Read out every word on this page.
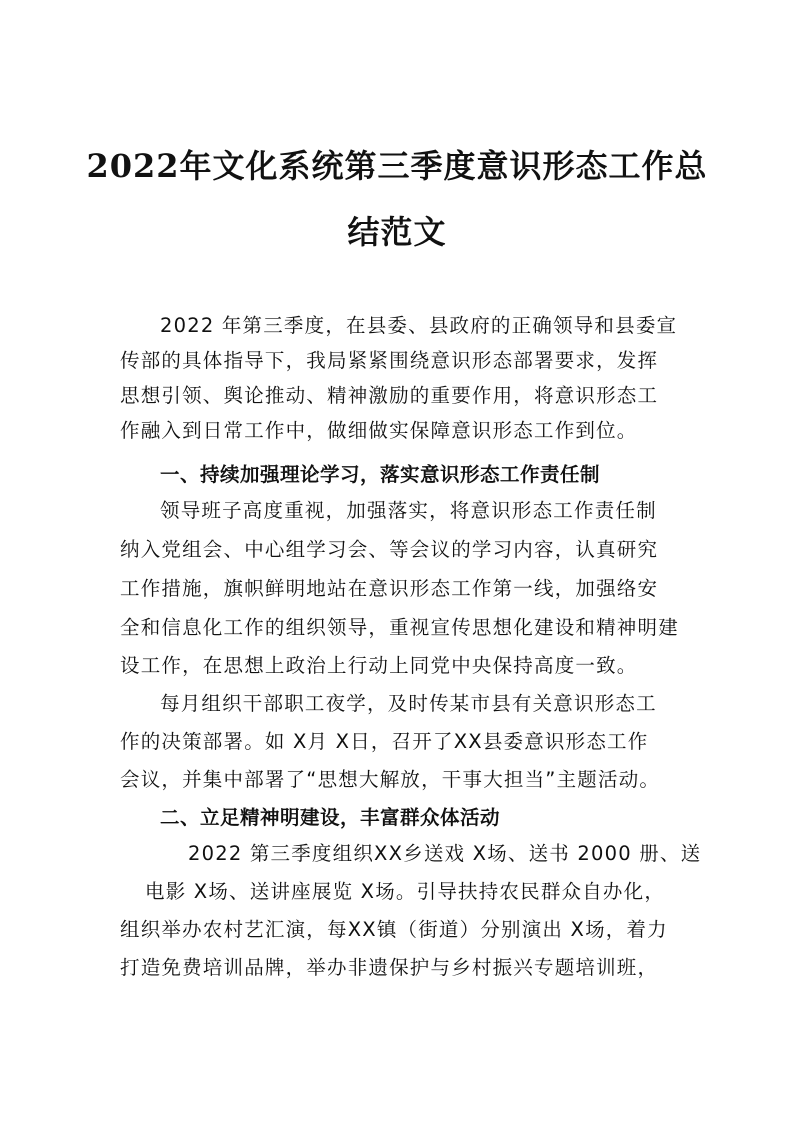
2022年文化系统第三季度意识形态工作总
结范文
2022 年第三季度，在县委、县政府的正确领导和县委宣
传部的具体指导下，我局紧紧围绕意识形态部署要求，发挥
思想引领、舆论推动、精神激励的重要作用，将意识形态工
作融入到日常工作中，做细做实保障意识形态工作到位。
一、持续加强理论学习，落实意识形态工作责任制
领导班子高度重视，加强落实，将意识形态工作责任制
纳入党组会、中心组学习会、等会议的学习内容，认真研究
工作措施，旗帜鲜明地站在意识形态工作第一线，加强络安
全和信息化工作的组织领导，重视宣传思想化建设和精神明建
设工作，在思想上政治上行动上同党中央保持高度一致。
每月组织干部职工夜学，及时传某市县有关意识形态工
作的决策部署。如 X月 X日，召开了XX县委意识形态工作
会议，并集中部署了“思想大解放，干事大担当”主题活动。
二、立足精神明建设，丰富群众体活动
2022 第三季度组织XX乡送戏 X场、送书 2000 册、送
电影 X场、送讲座展览 X场。引导扶持农民群众自办化，
组织举办农村艺汇演，每XX镇（街道）分别演出 X场，着力
打造免费培训品牌，举办非遗保护与乡村振兴专题培训班，
